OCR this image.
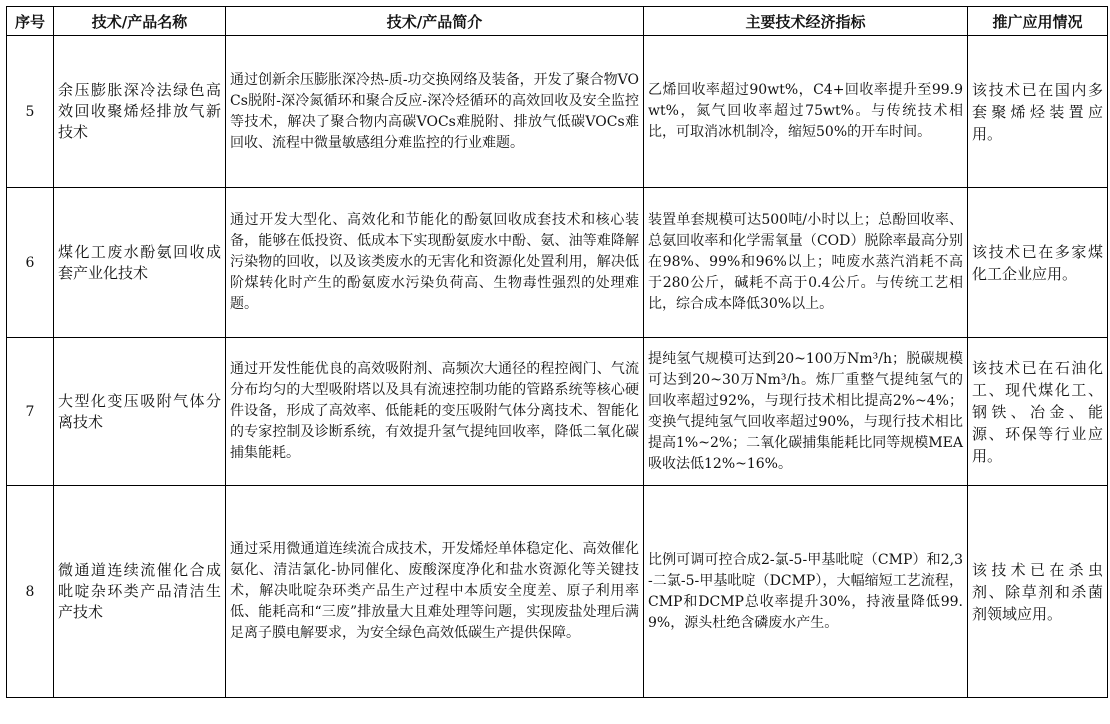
序号	技术/产品名称	技术/产品简介	主要技术经济指标	推广应用情况
5	余压膨胀深冷法绿色高效回收聚烯烃排放气新技术	通过创新余压膨胀深冷热-质-功交换网络及装备，开发了聚合物VOCs脱附-深冷氮循环和聚合反应-深冷烃循环的高效回收及安全监控等技术，解决了聚合物内高碳VOCs难脱附、排放气低碳VOCs难回收、流程中微量敏感组分难监控的行业难题。	乙烯回收率超过90wt%，C4+回收率提升至99.9wt%，氮气回收率超过75wt%。与传统技术相比，可取消冰机制冷，缩短50%的开车时间。	该技术已在国内多套聚烯烃装置应用。
6	煤化工废水酚氨回收成套产业化技术	通过开发大型化、高效化和节能化的酚氨回收成套技术和核心装备，能够在低投资、低成本下实现酚氨废水中酚、氨、油等难降解污染物的回收，以及该类废水的无害化和资源化处置利用，解决低阶煤转化时产生的酚氨废水污染负荷高、生物毒性强烈的处理难题。	装置单套规模可达500吨/小时以上；总酚回收率、总氨回收率和化学需氧量（COD）脱除率最高分别在98%、99%和96%以上；吨废水蒸汽消耗不高于280公斤，碱耗不高于0.4公斤。与传统工艺相比，综合成本降低30%以上。	该技术已在多家煤化工企业应用。
7	大型化变压吸附气体分离技术	通过开发性能优良的高效吸附剂、高频次大通径的程控阀门、气流分布均匀的大型吸附塔以及具有流速控制功能的管路系统等核心硬件设备，形成了高效率、低能耗的变压吸附气体分离技术、智能化的专家控制及诊断系统，有效提升氢气提纯回收率，降低二氧化碳捕集能耗。	提纯氢气规模可达到20~100万Nm³/h；脱碳规模可达到20~30万Nm³/h。炼厂重整气提纯氢气的回收率超过92%，与现行技术相比提高2%~4%；变换气提纯氢气回收率超过90%，与现行技术相比提高1%~2%；二氧化碳捕集能耗比同等规模MEA吸收法低12%~16%。	该技术已在石油化工、现代煤化工、钢铁、冶金、能源、环保等行业应用。
8	微通道连续流催化合成吡啶杂环类产品清洁生产技术	通过采用微通道连续流合成技术，开发烯烃单体稳定化、高效催化氨化、清洁氯化-协同催化、废酸深度净化和盐水资源化等关键技术，解决吡啶杂环类产品生产过程中本质安全度差、原子利用率低、能耗高和“三废”排放量大且难处理等问题，实现废盐处理后满足离子膜电解要求，为安全绿色高效低碳生产提供保障。	比例可调可控合成2-氯-5-甲基吡啶（CMP）和2,3-二氯-5-甲基吡啶（DCMP），大幅缩短工艺流程，CMP和DCMP总收率提升30%，持液量降低99.9%，源头杜绝含磷废水产生。	该技术已在杀虫剂、除草剂和杀菌剂领域应用。
